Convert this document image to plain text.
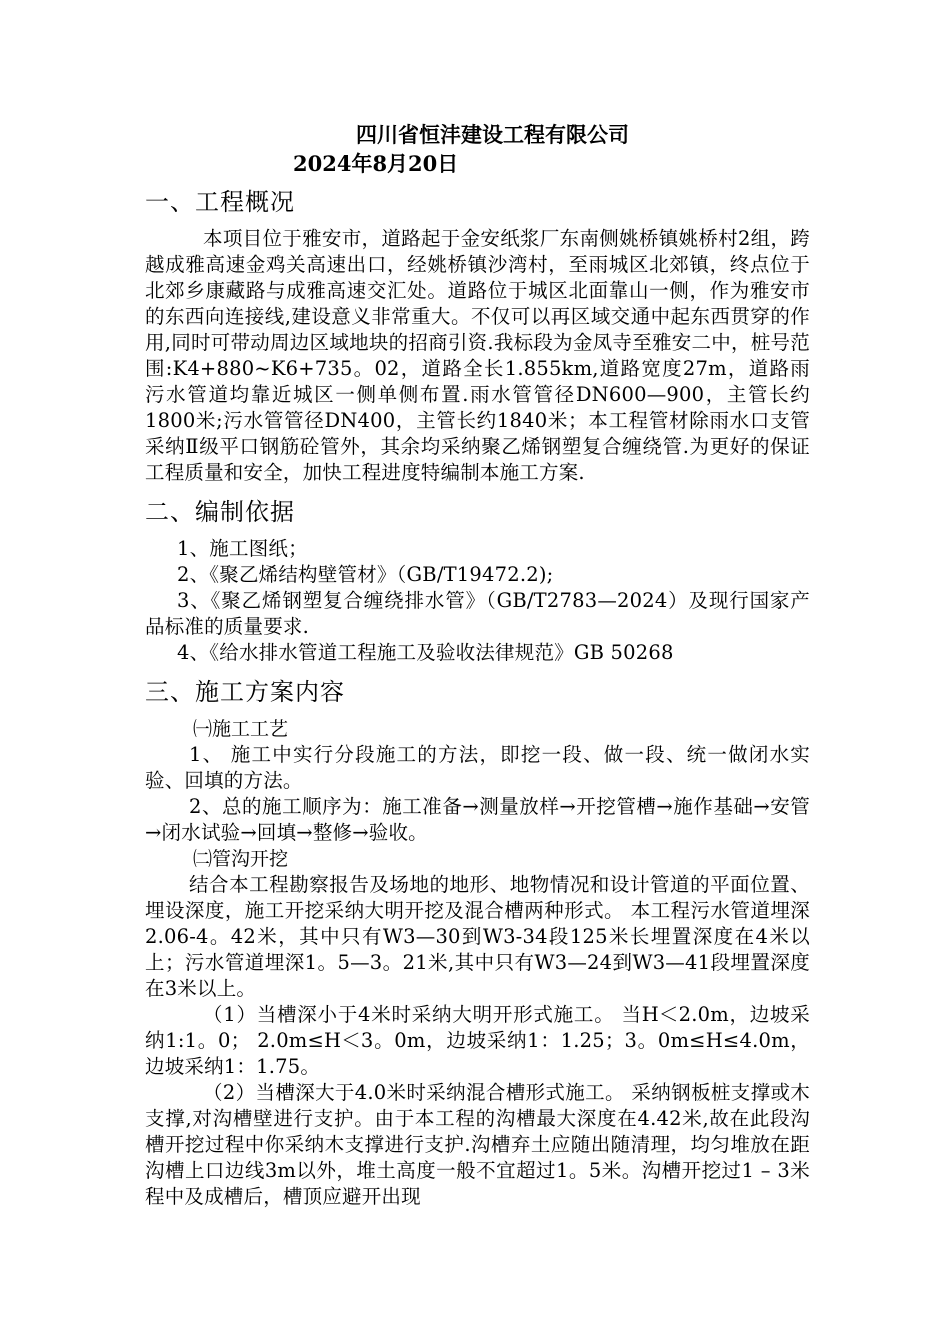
四川省恒沣建设工程有限公司
2024年8月20日
一、工程概况

本项目位于雅安市，道路起于金安纸浆厂东南侧姚桥镇姚桥村2组，跨越成雅高速金鸡关高速出口，经姚桥镇沙湾村，至雨城区北郊镇，终点位于北郊乡康藏路与成雅高速交汇处。道路位于城区北面靠山一侧，作为雅安市的东西向连接线,建设意义非常重大。不仅可以再区域交通中起东西贯穿的作用,同时可带动周边区域地块的招商引资.我标段为金凤寺至雅安二中，桩号范围:K4+880~K6+735。02，道路全长1.855km,道路宽度27m，道路雨污水管道均靠近城区一侧单侧布置.雨水管管径DN600—900，主管长约1800米;污水管管径DN400，主管长约1840米；本工程管材除雨水口支管采纳Ⅱ级平口钢筋砼管外，其余均采纳聚乙烯钢塑复合缠绕管.为更好的保证工程质量和安全，加快工程进度特编制本施工方案.

二、编制依据

1、施工图纸；

2、《聚乙烯结构壁管材》（GB/T19472.2);

3、《聚乙烯钢塑复合缠绕排水管》（GB/T2783—2024）及现行国家产品标准的质量要求.

4、《给水排水管道工程施工及验收法律规范》GB 50268

三、施工方案内容
㈠施工工艺

1、 施工中实行分段施工的方法，即挖一段、做一段、统一做闭水实验、回填的方法。

2、总的施工顺序为：施工准备→测量放样→开挖管槽→施作基础→安管→闭水试验→回填→整修→验收。

㈡管沟开挖

结合本工程勘察报告及场地的地形、地物情况和设计管道的平面位置、埋设深度，施工开挖采纳大明开挖及混合槽两种形式。 本工程污水管道埋深2.06-4。42米，其中只有W3—30到W3-34段125米长埋置深度在4米以上；污水管道埋深1。5—3。21米,其中只有W3—24到W3—41段埋置深度在3米以上。

（1）当槽深小于4米时采纳大明开形式施工。 当H＜2.0m，边坡采纳1:1。0； 2.0m≤H＜3。0m，边坡采纳1：1.25；3。0m≤H≤4.0m，边坡采纳1：1.75。

（2）当槽深大于4.0米时采纳混合槽形式施工。 采纳钢板桩支撑或木支撑,对沟槽壁进行支护。由于本工程的沟槽最大深度在4.42米,故在此段沟槽开挖过程中你采纳木支撑进行支护.沟槽弃土应随出随清理，均匀堆放在距沟槽上口边线3m以外，堆土高度一般不宜超过1。5米。沟槽开挖过1 – 3米程中及成槽后，槽顶应避开出现
